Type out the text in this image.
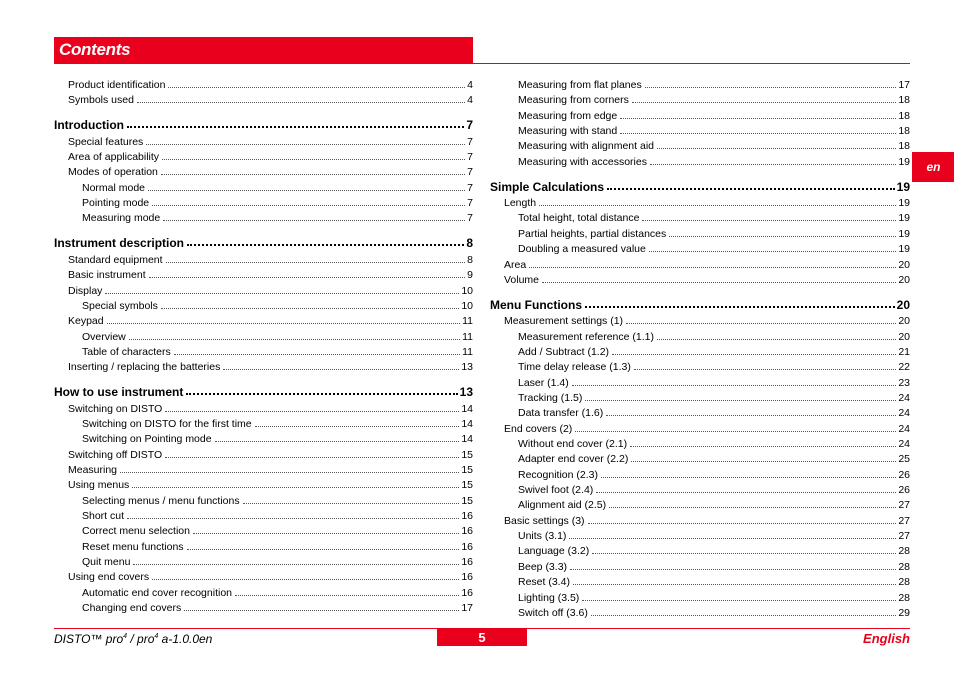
Contents
Product identification	4
Symbols used	4
Introduction	7
Special features	7
Area of applicability	7
Modes of operation	7
Normal mode	7
Pointing mode	7
Measuring mode	7
Instrument description	8
Standard equipment	8
Basic instrument	9
Display	10
Special symbols	10
Keypad	11
Overview	11
Table of characters	11
Inserting / replacing the batteries	13
How to use instrument	13
Switching on DISTO	14
Switching on DISTO for the first time	14
Switching on Pointing mode	14
Switching off DISTO	15
Measuring	15
Using menus	15
Selecting menus / menu functions	15
Short cut	16
Correct menu selection	16
Reset menu functions	16
Quit menu	16
Using end covers	16
Automatic end cover recognition	16
Changing end covers	17
Measuring from flat planes	17
Measuring from corners	18
Measuring from edge	18
Measuring with stand	18
Measuring with alignment aid	18
Measuring with accessories	19
Simple Calculations	19
Length	19
Total height, total distance	19
Partial heights, partial distances	19
Doubling a measured value	19
Area	20
Volume	20
Menu Functions	20
Measurement settings (1)	20
Measurement reference (1.1)	20
Add / Subtract (1.2)	21
Time delay release (1.3)	22
Laser (1.4)	23
Tracking (1.5)	24
Data transfer (1.6)	24
End covers (2)	24
Without end cover (2.1)	24
Adapter end cover (2.2)	25
Recognition (2.3)	26
Swivel foot (2.4)	26
Alignment aid (2.5)	27
Basic settings (3)	27
Units (3.1)	27
Language (3.2)	28
Beep (3.3)	28
Reset (3.4)	28
Lighting (3.5)	28
Switch off (3.6)	29
en
DISTO™ pro$^4$ / pro$^4$ a-1.0.0en	5	English
